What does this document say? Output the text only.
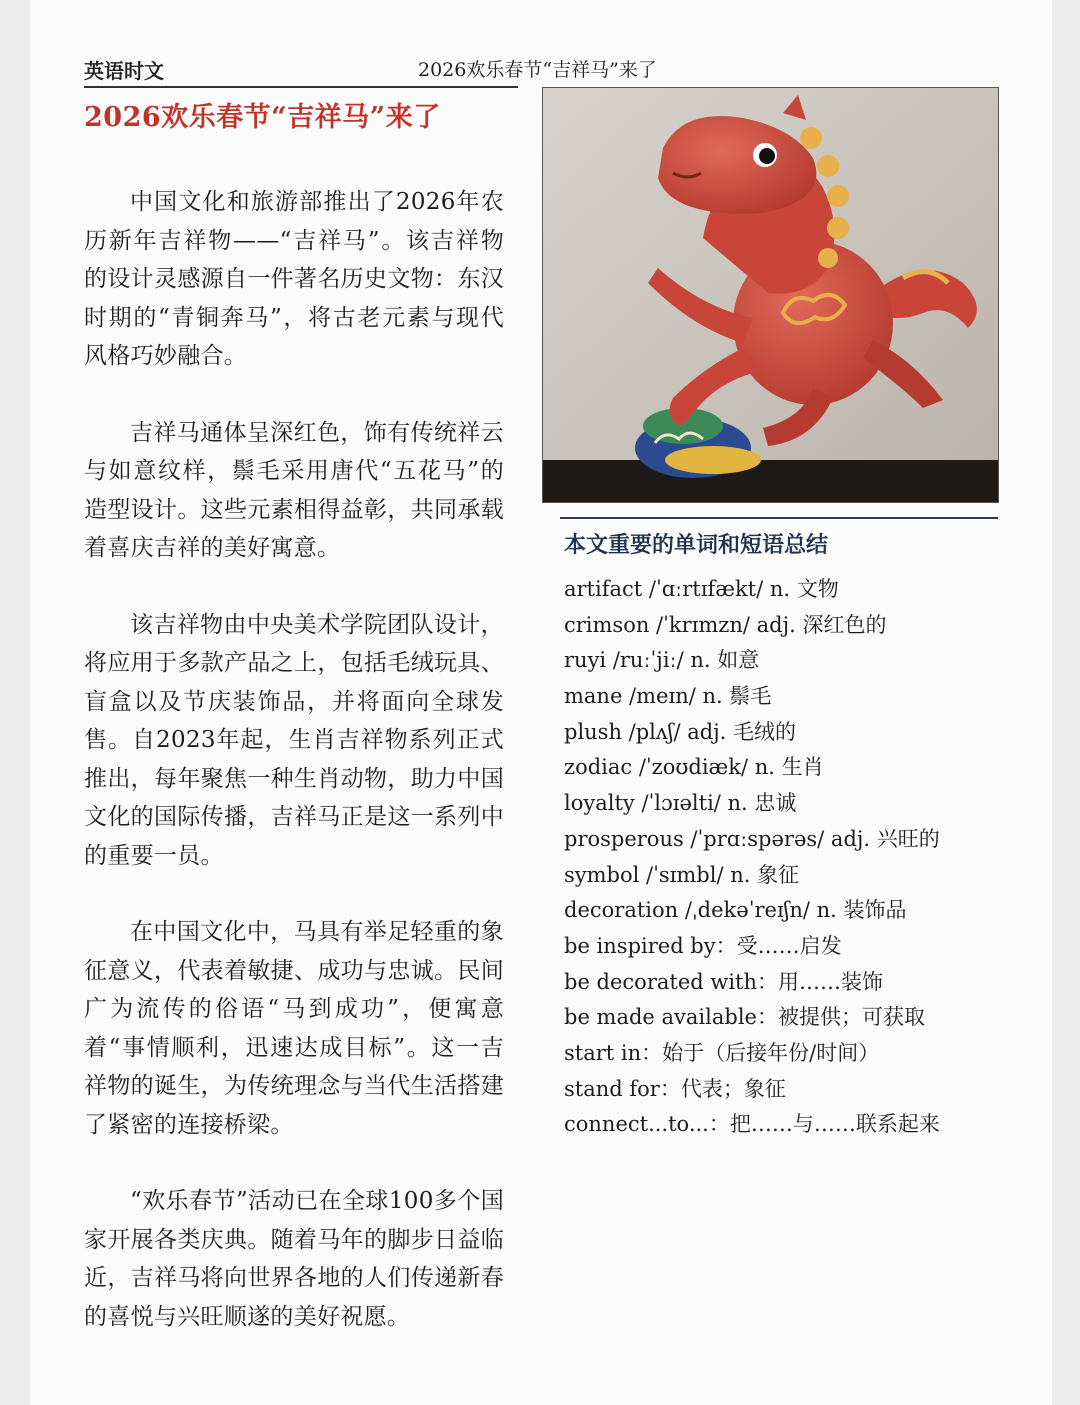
英语时文	2026欢乐春节“吉祥马”来了
2026欢乐春节“吉祥马”来了

中国文化和旅游部推出了2026年农历新年吉祥物——“吉祥马”。该吉祥物的设计灵感源自一件著名历史文物：东汉时期的“青铜奔马”，将古老元素与现代风格巧妙融合。

吉祥马通体呈深红色，饰有传统祥云与如意纹样，鬃毛采用唐代“五花马”的造型设计。这些元素相得益彰，共同承载着喜庆吉祥的美好寓意。

该吉祥物由中央美术学院团队设计，将应用于多款产品之上，包括毛绒玩具、盲盒以及节庆装饰品，并将面向全球发售。自2023年起，生肖吉祥物系列正式推出，每年聚焦一种生肖动物，助力中国文化的国际传播，吉祥马正是这一系列中的重要一员。

在中国文化中，马具有举足轻重的象征意义，代表着敏捷、成功与忠诚。民间广为流传的俗语“马到成功”，便寓意着“事情顺利，迅速达成目标”。这一吉祥物的诞生，为传统理念与当代生活搭建了紧密的连接桥梁。

“欢乐春节”活动已在全球100多个国家开展各类庆典。随着马年的脚步日益临近，吉祥马将向世界各地的人们传递新春的喜悦与兴旺顺遂的美好祝愿。

本文重要的单词和短语总结
artifact /ˈɑːrtɪfækt/ n. 文物
crimson /ˈkrɪmzn/ adj. 深红色的
ruyi /ruːˈjiː/ n. 如意
mane /meɪn/ n. 鬃毛
plush /plʌʃ/ adj. 毛绒的
zodiac /ˈzoʊdiæk/ n. 生肖
loyalty /ˈlɔɪəlti/ n. 忠诚
prosperous /ˈprɑːspərəs/ adj. 兴旺的
symbol /ˈsɪmbl/ n. 象征
decoration /ˌdekəˈreɪʃn/ n. 装饰品
be inspired by：受……启发
be decorated with：用……装饰
be made available：被提供；可获取
start in：始于（后接年份/时间）
stand for：代表；象征
connect...to...：把……与……联系起来
